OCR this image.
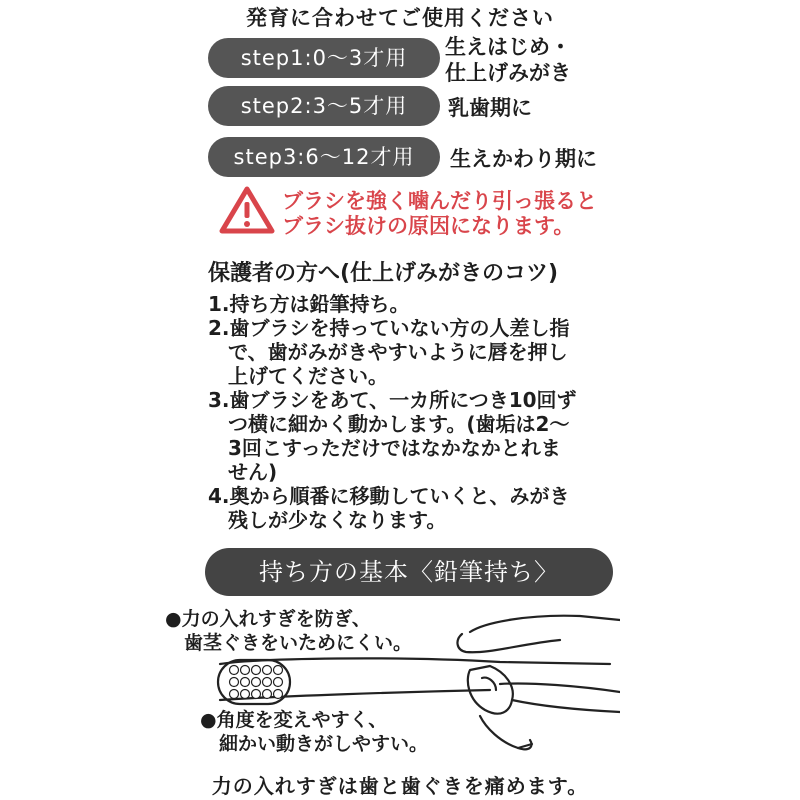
発育に合わせてご使用ください
step1:0〜3才用	生えはじめ・
仕上げみがき
step2:3〜5才用	乳歯期に
step3:6〜12才用	生えかわり期に
ブラシを強く噛んだり引っ張ると
ブラシ抜けの原因になります。
保護者の方へ(仕上げみがきのコツ)
1.持ち方は鉛筆持ち。
2.歯ブラシを持っていない方の人差し指
　で、歯がみがきやすいように唇を押し
　上げてください。
3.歯ブラシをあて、一カ所につき10回ず
　つ横に細かく動かします。(歯垢は2〜
　3回こすっただけではなかなかとれま
　せん)
4.奥から順番に移動していくと、みがき
　残しが少なくなります。
持ち方の基本〈鉛筆持ち〉
●力の入れすぎを防ぎ、
　歯茎ぐきをいためにくい。
●角度を変えやすく、
　細かい動きがしやすい。
力の入れすぎは歯と歯ぐきを痛めます。
